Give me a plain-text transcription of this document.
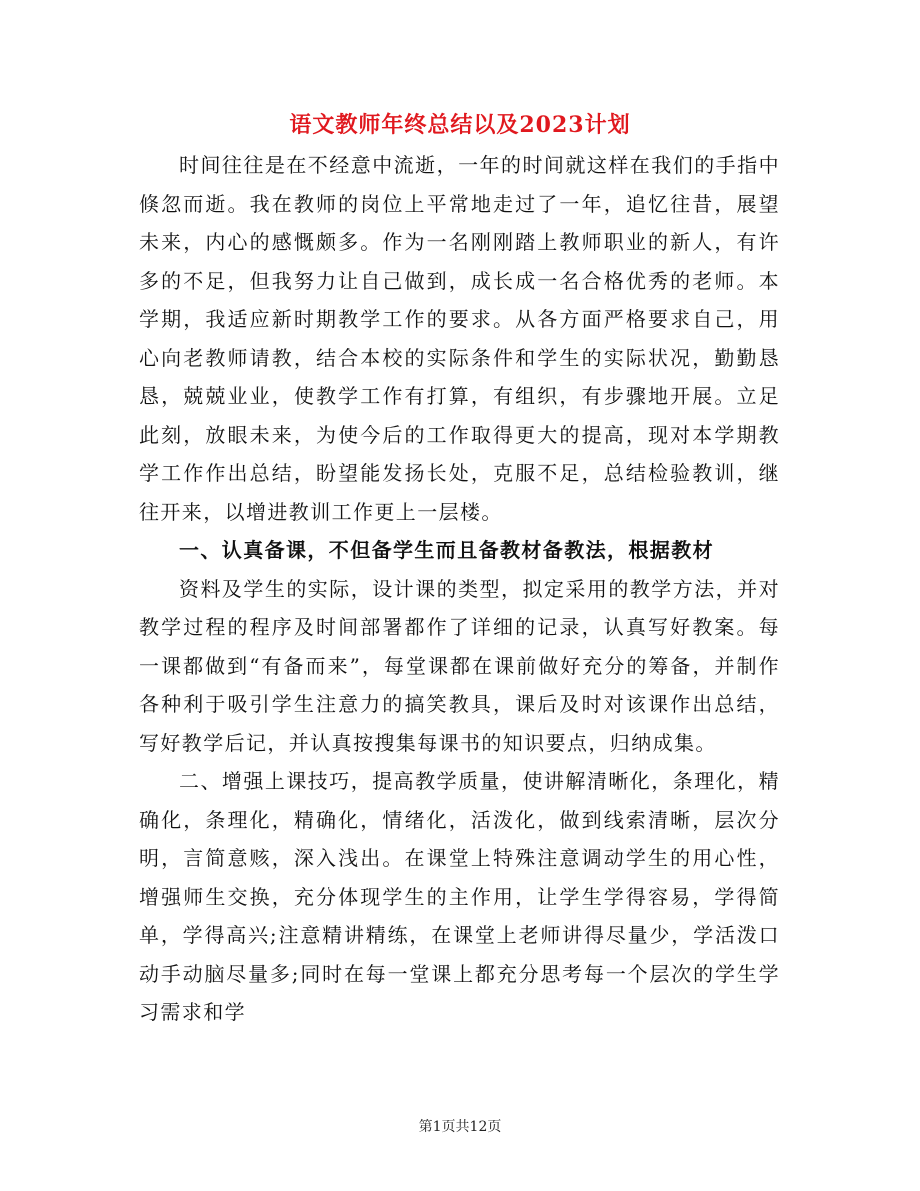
语文教师年终总结以及2023计划

时间往往是在不经意中流逝，一年的时间就这样在我们的手指中倏忽而逝。我在教师的岗位上平常地走过了一年，追忆往昔，展望未来，内心的感慨颇多。作为一名刚刚踏上教师职业的新人，有许多的不足，但我努力让自己做到，成长成一名合格优秀的老师。本学期，我适应新时期教学工作的要求。从各方面严格要求自己，用心向老教师请教，结合本校的实际条件和学生的实际状况，勤勤恳恳，兢兢业业，使教学工作有打算，有组织，有步骤地开展。立足此刻，放眼未来，为使今后的工作取得更大的提高，现对本学期教学工作作出总结，盼望能发扬长处，克服不足，总结检验教训，继往开来，以增进教训工作更上一层楼。

一、认真备课，不但备学生而且备教材备教法，根据教材

资料及学生的实际，设计课的类型，拟定采用的教学方法，并对教学过程的程序及时间部署都作了详细的记录，认真写好教案。每一课都做到“有备而来”，每堂课都在课前做好充分的筹备，并制作各种利于吸引学生注意力的搞笑教具，课后及时对该课作出总结，写好教学后记，并认真按搜集每课书的知识要点，归纳成集。

二、增强上课技巧，提高教学质量，使讲解清晰化，条理化，精确化，条理化，精确化，情绪化，活泼化，做到线索清晰，层次分明，言简意赅，深入浅出。在课堂上特殊注意调动学生的用心性，增强师生交换，充分体现学生的主作用，让学生学得容易，学得简单，学得高兴;注意精讲精练，在课堂上老师讲得尽量少，学活泼口动手动脑尽量多;同时在每一堂课上都充分思考每一个层次的学生学习需求和学

第1页共12页
